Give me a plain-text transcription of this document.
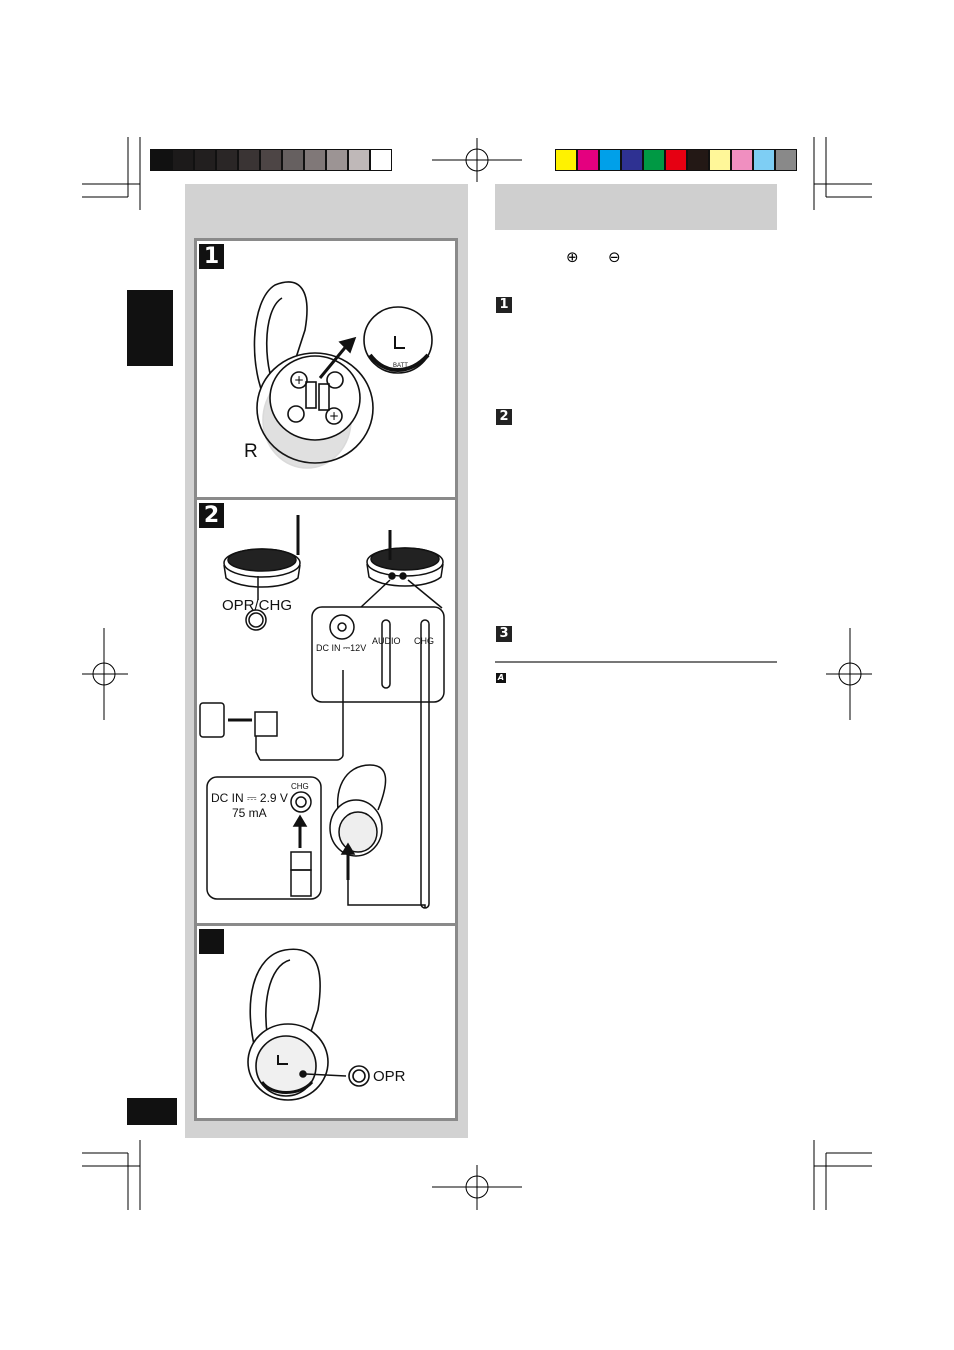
1
+
+
R
BATT
2
OPR/CHG
DC IN ⎓12V
AUDIO CHG
DC IN ⎓ 2.9 V
75 mA
CHG
OPR
⊕ ⊖
1
2
3
A
